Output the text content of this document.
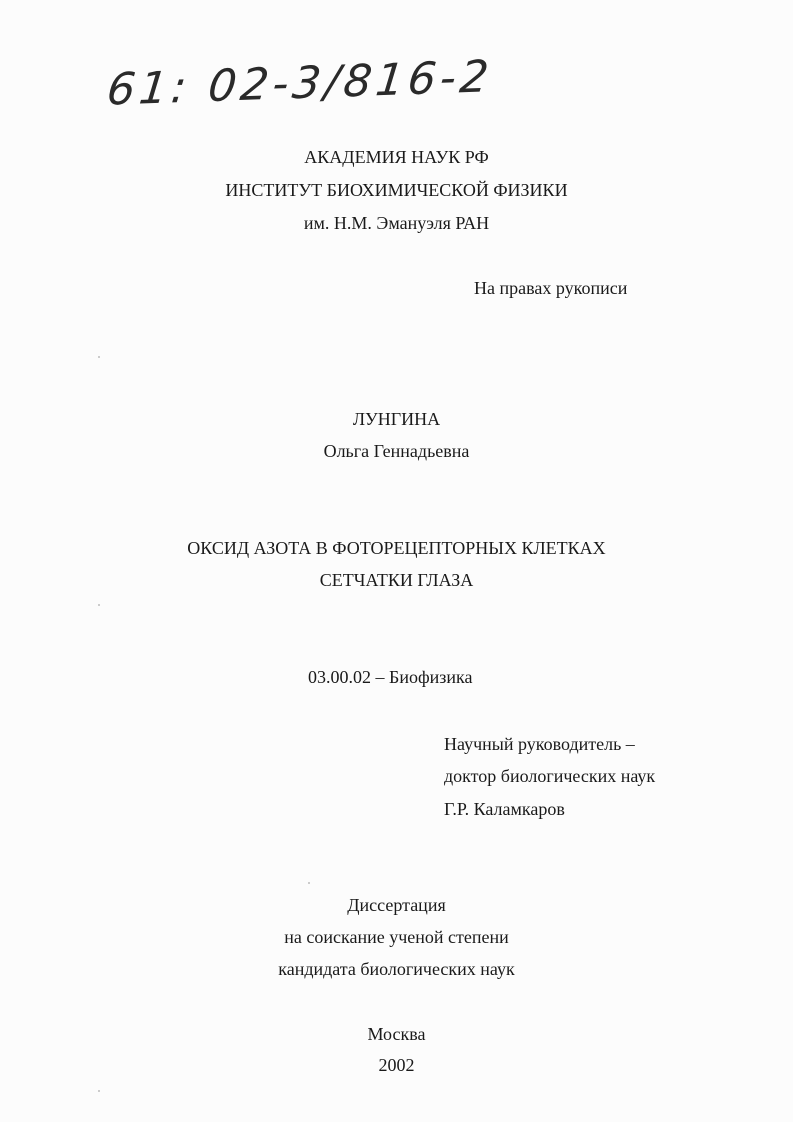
61: 02-3/816-2
АКАДЕМИЯ НАУК РФ
ИНСТИТУТ БИОХИМИЧЕСКОЙ ФИЗИКИ
им. Н.М. Эмануэля РАН
На правах рукописи
ЛУНГИНА
Ольга Геннадьевна
ОКСИД АЗОТА В ФОТОРЕЦЕПТОРНЫХ КЛЕТКАХ
СЕТЧАТКИ ГЛАЗА
03.00.02 – Биофизика
Научный руководитель –
доктор биологических наук
Г.Р. Каламкаров
Диссертация
на соискание ученой степени
кандидата биологических наук
Москва
2002
